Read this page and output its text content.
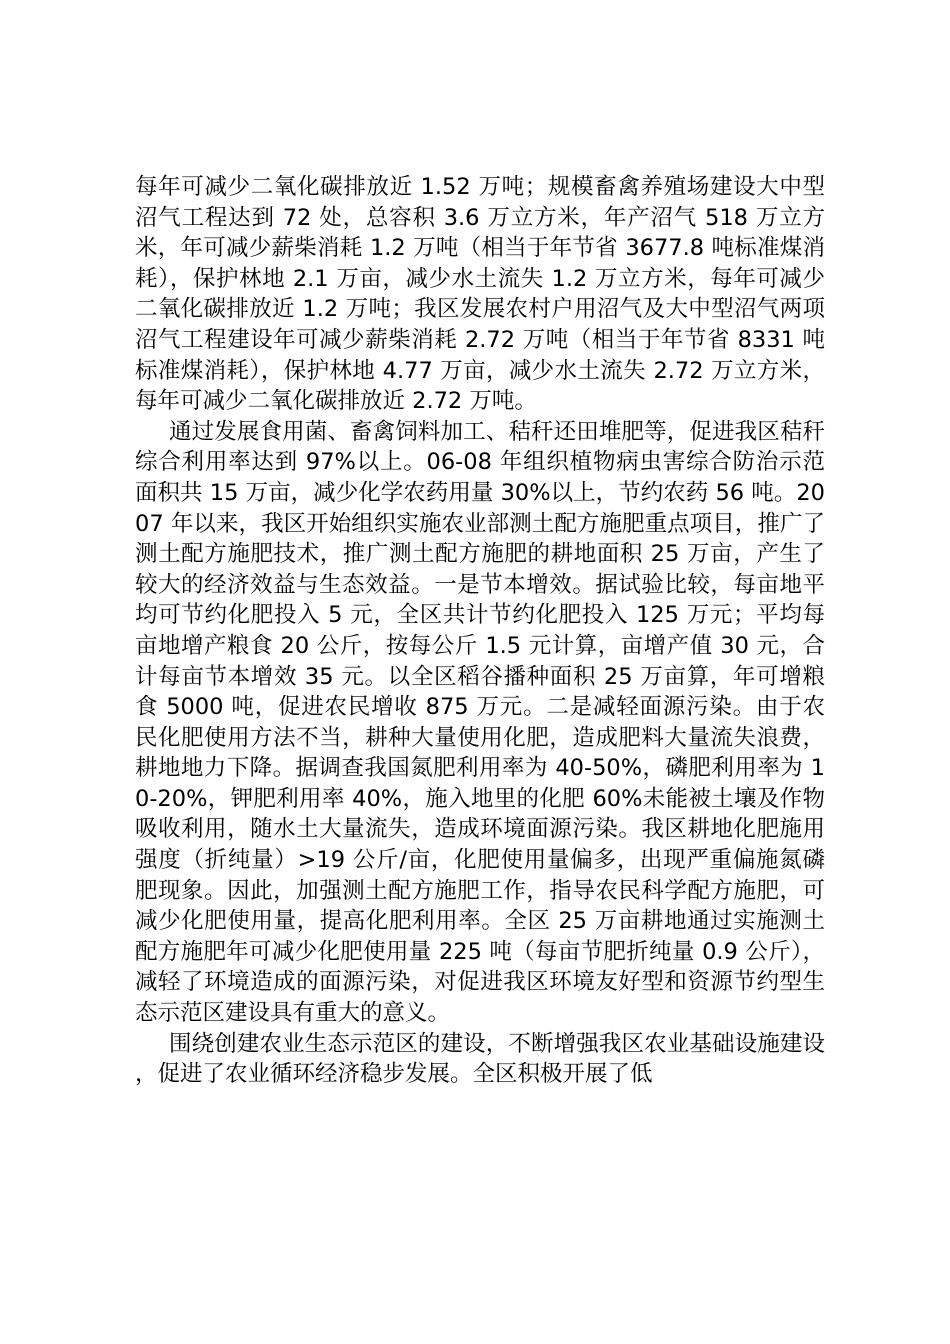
每年可减少二氧化碳排放近 1.52 万吨；规模畜禽养殖场建设大中型沼气工程达到 72 处，总容积 3.6 万立方米，年产沼气 518 万立方米，年可减少薪柴消耗 1.2 万吨（相当于年节省 3677.8 吨标准煤消耗），保护林地 2.1 万亩，减少水土流失 1.2 万立方米，每年可减少二氧化碳排放近 1.2 万吨；我区发展农村户用沼气及大中型沼气两项沼气工程建设年可减少薪柴消耗 2.72 万吨（相当于年节省 8331 吨标准煤消耗），保护林地 4.77 万亩，减少水土流失 2.72 万立方米，每年可减少二氧化碳排放近 2.72 万吨。

通过发展食用菌、畜禽饲料加工、秸秆还田堆肥等，促进我区秸秆综合利用率达到 97%以上。06-08 年组织植物病虫害综合防治示范面积共 15 万亩，减少化学农药用量 30%以上，节约农药 56 吨。2007 年以来，我区开始组织实施农业部测土配方施肥重点项目，推广了测土配方施肥技术，推广测土配方施肥的耕地面积 25 万亩，产生了较大的经济效益与生态效益。一是节本增效。据试验比较，每亩地平均可节约化肥投入 5 元，全区共计节约化肥投入 125 万元；平均每亩地增产粮食 20 公斤，按每公斤 1.5 元计算，亩增产值 30 元，合计每亩节本增效 35 元。以全区稻谷播种面积 25 万亩算，年可增粮食 5000 吨，促进农民增收 875 万元。二是减轻面源污染。由于农民化肥使用方法不当，耕种大量使用化肥，造成肥料大量流失浪费，耕地地力下降。据调查我国氮肥利用率为 40-50%，磷肥利用率为 10-20%，钾肥利用率 40%，施入地里的化肥 60%未能被土壤及作物吸收利用，随水土大量流失，造成环境面源污染。我区耕地化肥施用强度（折纯量）>19 公斤/亩，化肥使用量偏多，出现严重偏施氮磷肥现象。因此，加强测土配方施肥工作，指导农民科学配方施肥，可减少化肥使用量，提高化肥利用率。全区 25 万亩耕地通过实施测土配方施肥年可减少化肥使用量 225 吨（每亩节肥折纯量 0.9 公斤），减轻了环境造成的面源污染，对促进我区环境友好型和资源节约型生态示范区建设具有重大的意义。

围绕创建农业生态示范区的建设，不断增强我区农业基础设施建设，促进了农业循环经济稳步发展。全区积极开展了低
